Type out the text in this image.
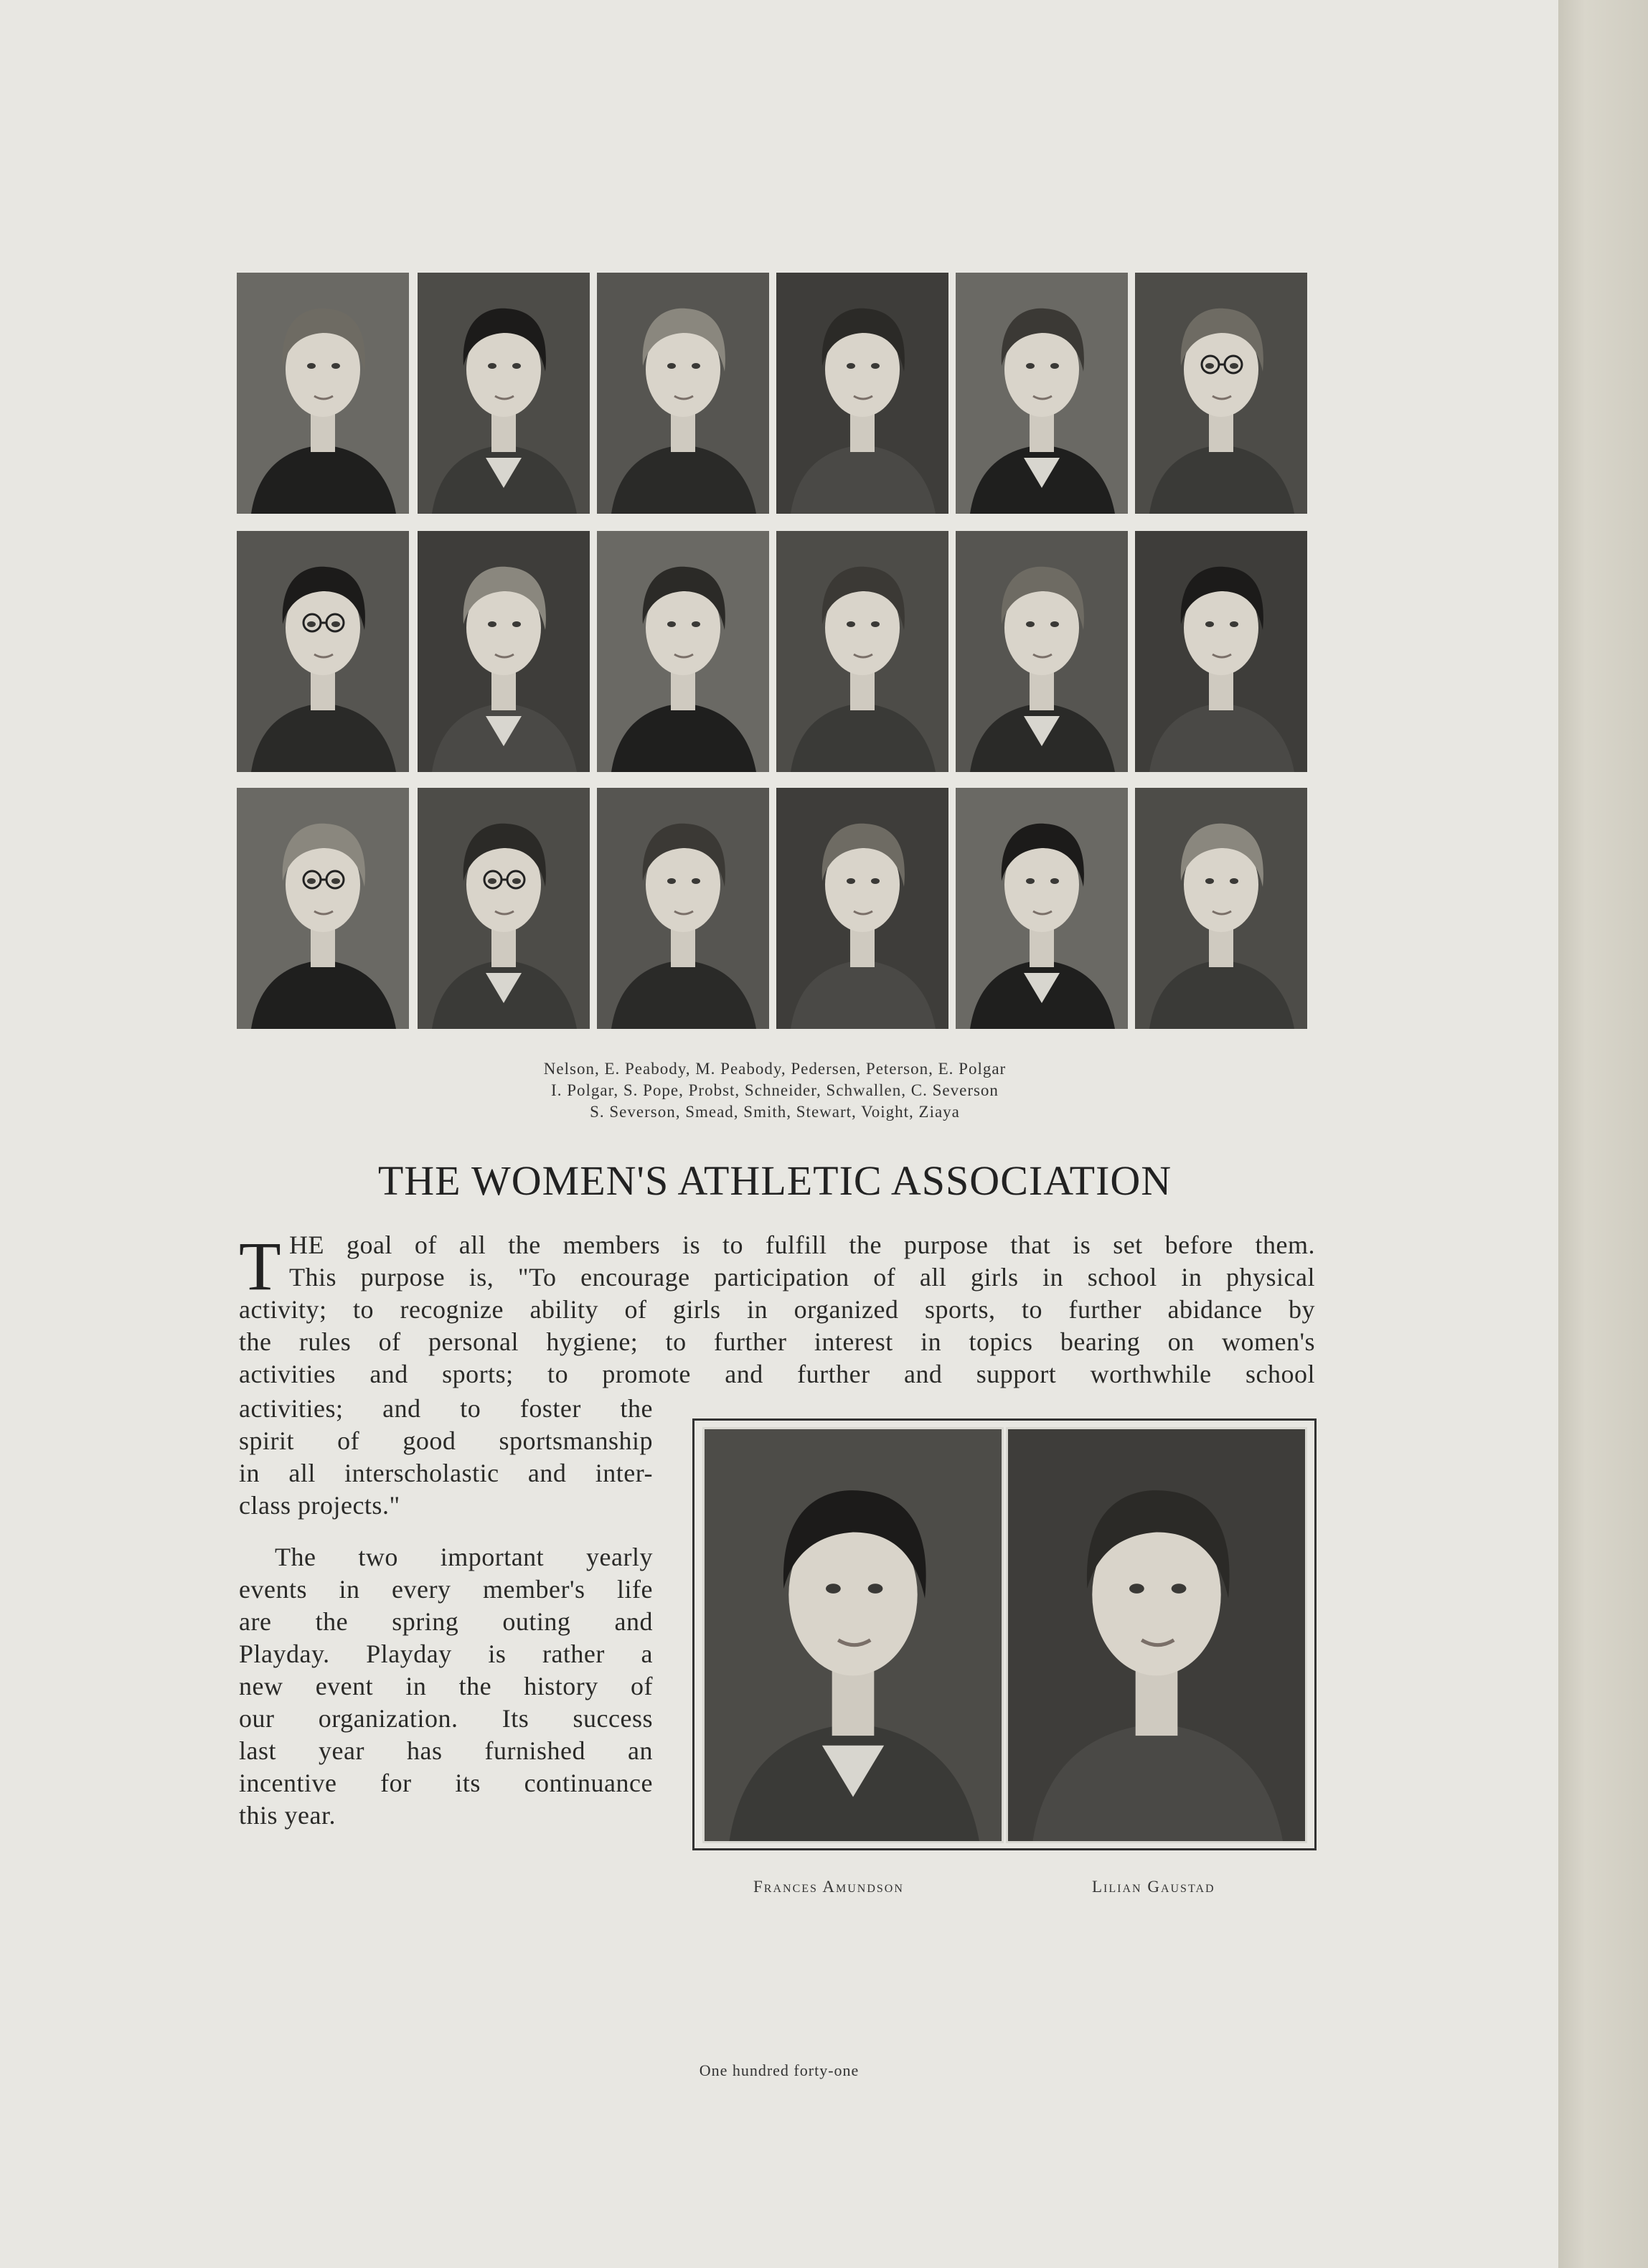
Nelson, E. Peabody, M. Peabody, Pedersen, Peterson, E. Polgar
I. Polgar, S. Pope, Probst, Schneider, Schwallen, C. Severson
S. Severson, Smead, Smith, Stewart, Voight, Ziaya
THE WOMEN'S ATHLETIC ASSOCIATION
T HE goal of all the members is to fulfill the purpose that is set before them.
This purpose is, "To encourage participation of all girls in school in physical
activity; to recognize ability of girls in organized sports, to further abidance by
the rules of personal hygiene; to further interest in topics bearing on women's
activities and sports; to promote and further and support worthwhile school
activities; and to foster the
spirit of good sportsmanship
in all interscholastic and inter-
class projects."
The two important yearly
events in every member's life
are the spring outing and
Playday. Playday is rather a
new event in the history of
our organization. Its success
last year has furnished an
incentive for its continuance
this year.
Frances Amundson	Lilian Gaustad
One hundred forty-one
